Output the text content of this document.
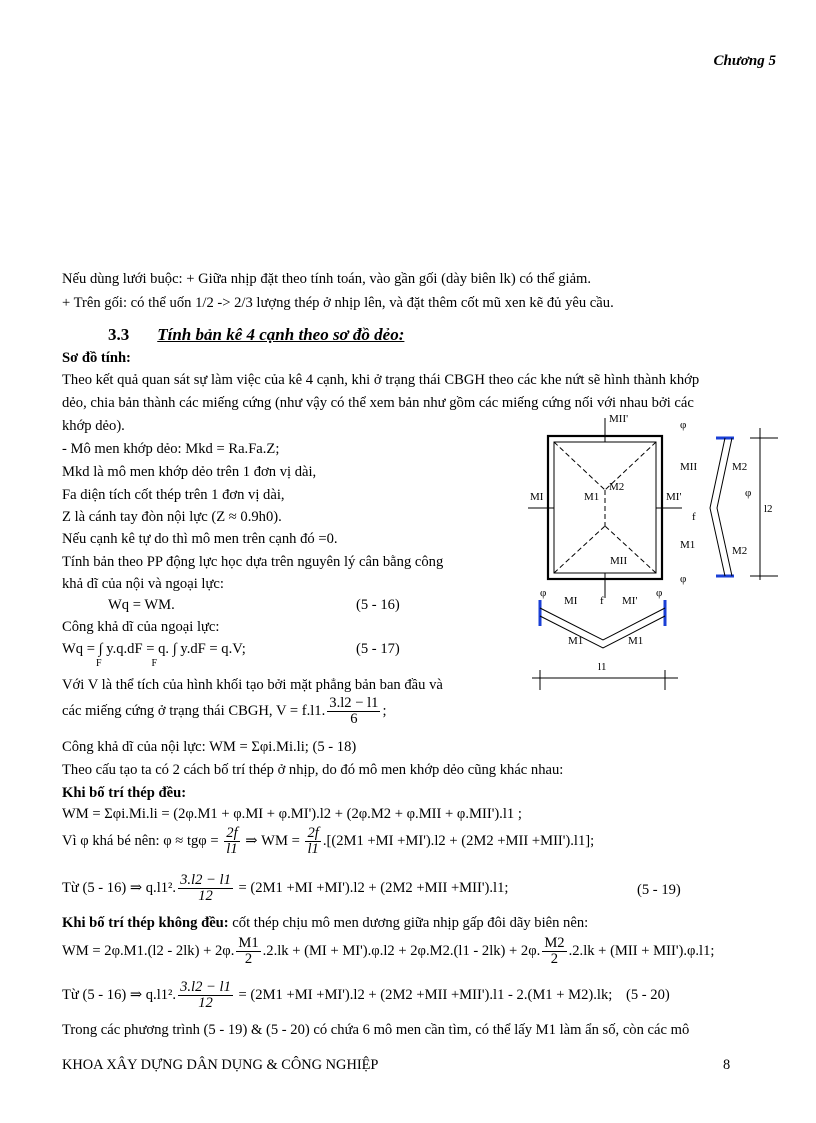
Chương 5
Nếu dùng lưới buộc: + Giữa nhịp đặt theo tính toán, vào gần gối (dày biên lk) có thể giảm.
+ Trên gối: có thể uốn 1/2 -> 2/3 lượng thép ở nhịp lên, và đặt thêm cốt mũ xen kẽ đủ yêu cầu.
3.3 Tính bản kê 4 cạnh theo sơ đồ dẻo:
Sơ đồ tính:
Theo kết quả quan sát sự làm việc của kê 4 cạnh, khi ở trạng thái CBGH theo các khe nứt sẽ hình thành khớp
dẻo, chia bản thành các miếng cứng (như vậy có thể xem bản như gồm các miếng cứng nối với nhau bởi các
khớp dẻo).
- Mô men khớp dẻo: Mkd = Ra.Fa.Z;
Mkd là mô men khớp dẻo trên 1 đơn vị dài,
Fa diện tích cốt thép trên 1 đơn vị dài,
Z là cánh tay đòn nội lực (Z ≈ 0.9h0).
Nếu cạnh kê tự do thì mô men trên cạnh đó =0.
Tính bản theo PP động lực học dựa trên nguyên lý cân bằng công
khả dĩ của nội và ngoại lực:
Wq = WM.	(5 - 16)
Công khả dĩ của ngoại lực:
Wq = ∫ y.q.dF = q. ∫ y.dF = q.V;
F                    F
(5 - 17)
Với V là thể tích của hình khối tạo bởi mặt phẳng bản ban đầu và
các miếng cứng ở trạng thái CBGH, V = f.l1. $\frac{3.l2 - l1}{6}$ ;
Công khả dĩ của nội lực: WM = Σφi.Mi.li; (5 - 18)
Theo cấu tạo ta có 2 cách bố trí thép ở nhịp, do đó mô men khớp dẻo cũng khác nhau:
Khi bố trí thép đều:
WM = Σφi.Mi.li = (2φ.M1 + φ.MI + φ.MI').l2 + (2φ.M2 + φ.MII + φ.MII').l1 ;
Vì φ khá bé nên: $\varphi \approx tg\varphi = \frac{2f}{l1}$ ⇒ WM = $\frac{2f}{l1} .[(2M1 +MI +MI').l2 + (2M2 +MII +MII').l1]$;
Từ (5 - 16) ⇒ q.l1². $\frac{3.l2 - l1}{12} = (2M1 +MI +MI').l2 + (2M2 +MII +MII').l1$;	(5 - 19)
Khi bố trí thép không đều: cốt thép chịu mô men dương giữa nhịp gấp đôi dãy biên nên:
WM = 2φ.M1.(l2 - 2lk) + 2φ. $\frac{M1}{2} .2.lk + (MI + MI').\varphi.l2 + 2\varphi.M2.(l1 - 2lk) + 2\varphi$. $\frac{M2}{2} .2.lk + (MII + MII').\varphi.l1$;
Từ (5 - 16) ⇒ q.l1². $\frac{3.l2 - l1}{12} = (2M1 +MI +MI').l2 + (2M2 +MII +MII').l1 - 2.(M1 + M2).lk$; (5 - 20)
Trong các phương trình (5 - 19) & (5 - 20) có chứa 6 mô men cần tìm, có thể lấy M1 làm ẩn số, còn các mô
MII'
MII
MI	M1
M2
MI'
φ
MII	M2
φ
f
l2
M1	M2
φ
φ
MI f MI'
φ
M1	M1
l1
KHOA XÂY DỰNG DÂN DỤNG & CÔNG NGHIỆP	8
